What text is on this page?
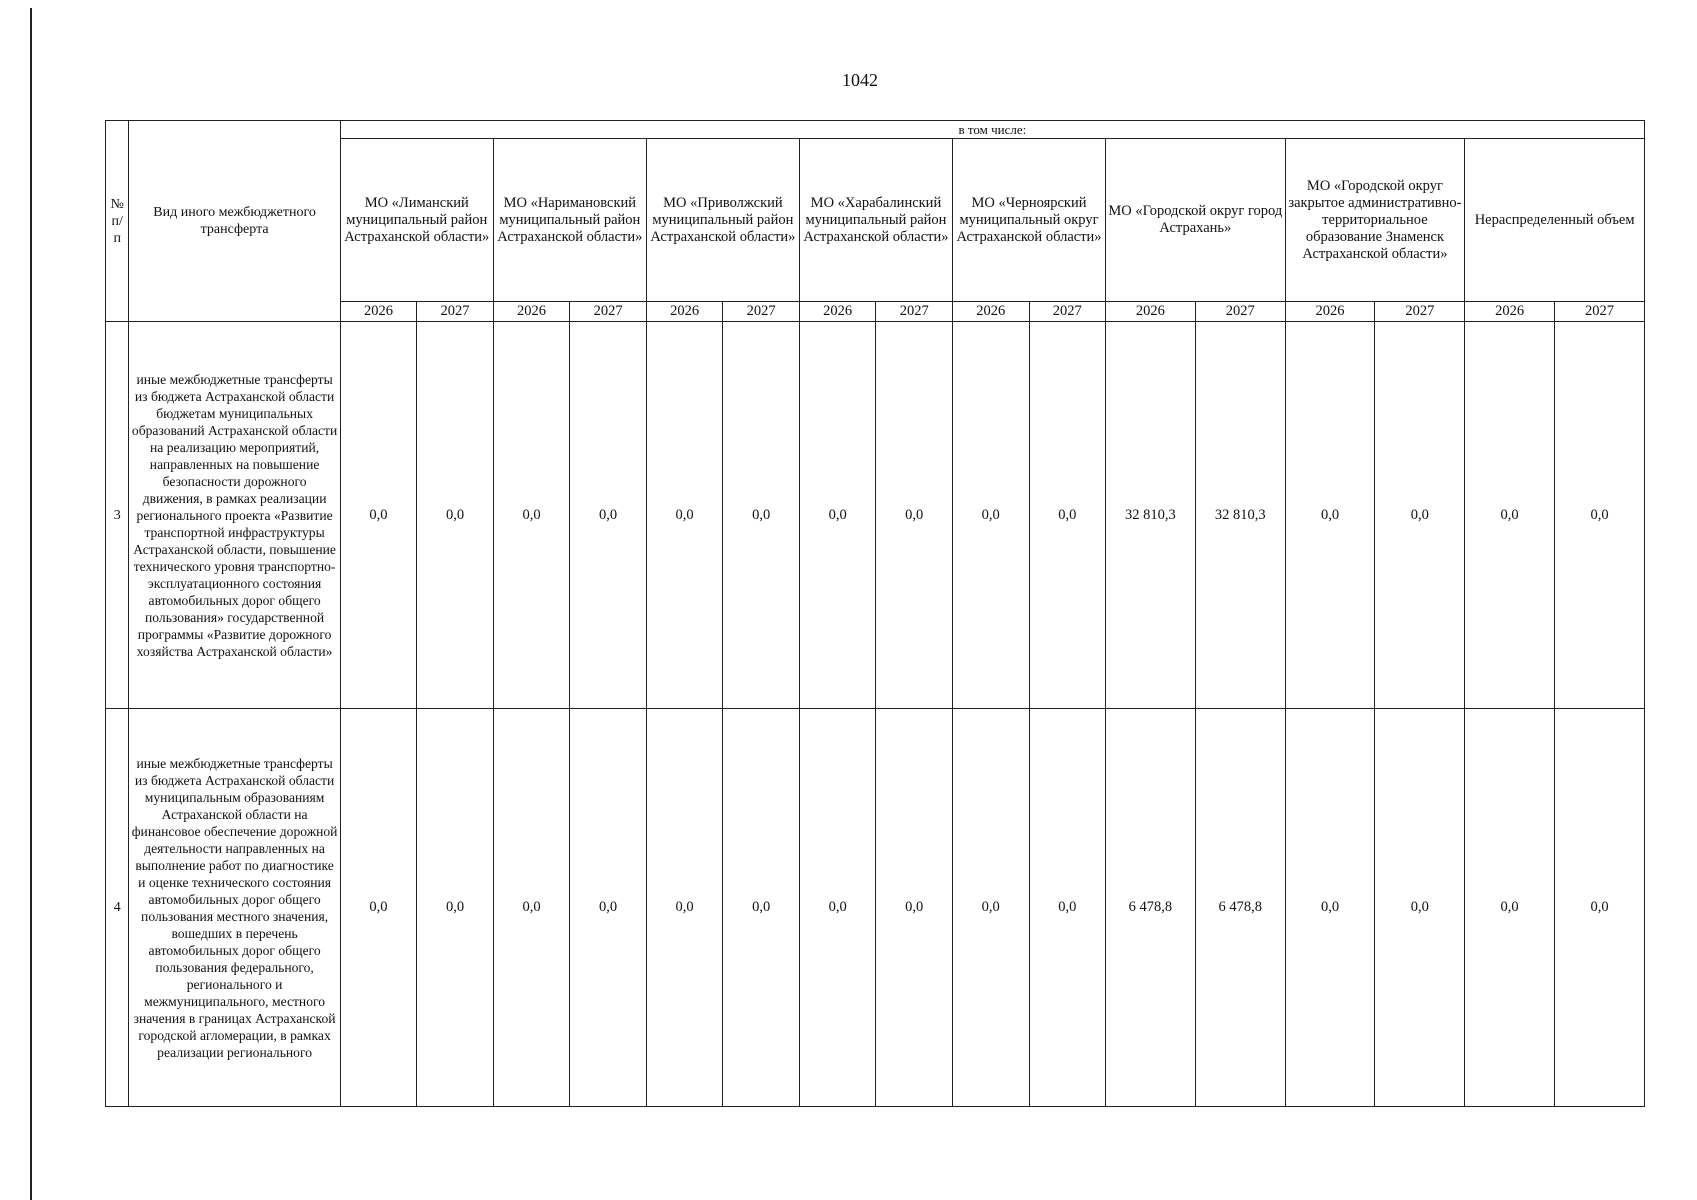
1042
№ п/п	Вид иного межбюджетного трансферта	в том числе:															
		МО «Лиманский муниципальный район Астраханской области»		МО «Наримановский муниципальный район Астраханской области»		МО «Приволжский муниципальный район Астраханской области»		МО «Харабалинский муниципальный район Астраханской области»		МО «Черноярский муниципальный округ Астраханской области»		МО «Городской округ город Астрахань»		МО «Городской округ закрытое административно-территориальное образование Знаменск Астраханской области»		Нераспределенный объем	
		2026	2027	2026	2027	2026	2027	2026	2027	2026	2027	2026	2027	2026	2027	2026	2027
3	иные межбюджетные трансферты из бюджета Астраханской области бюджетам муниципальных образований Астраханской области на реализацию мероприятий, направленных на повышение безопасности дорожного движения, в рамках реализации регионального проекта «Развитие транспортной инфраструктуры Астраханской области, повышение технического уровня транспортно-эксплуатационного состояния автомобильных дорог общего пользования» государственной программы «Развитие дорожного хозяйства Астраханской области»	0,0	0,0	0,0	0,0	0,0	0,0	0,0	0,0	0,0	0,0	32 810,3	32 810,3	0,0	0,0	0,0	0,0
4	иные межбюджетные трансферты из бюджета Астраханской области муниципальным образованиям Астраханской области на финансовое обеспечение дорожной деятельности направленных на выполнение работ по диагностике и оценке технического состояния автомобильных дорог общего пользования местного значения, вошедших в перечень автомобильных дорог общего пользования федерального, регионального и межмуниципального, местного значения в границах Астраханской городской агломерации, в рамках реализации регионального	0,0	0,0	0,0	0,0	0,0	0,0	0,0	0,0	0,0	0,0	6 478,8	6 478,8	0,0	0,0	0,0	0,0
